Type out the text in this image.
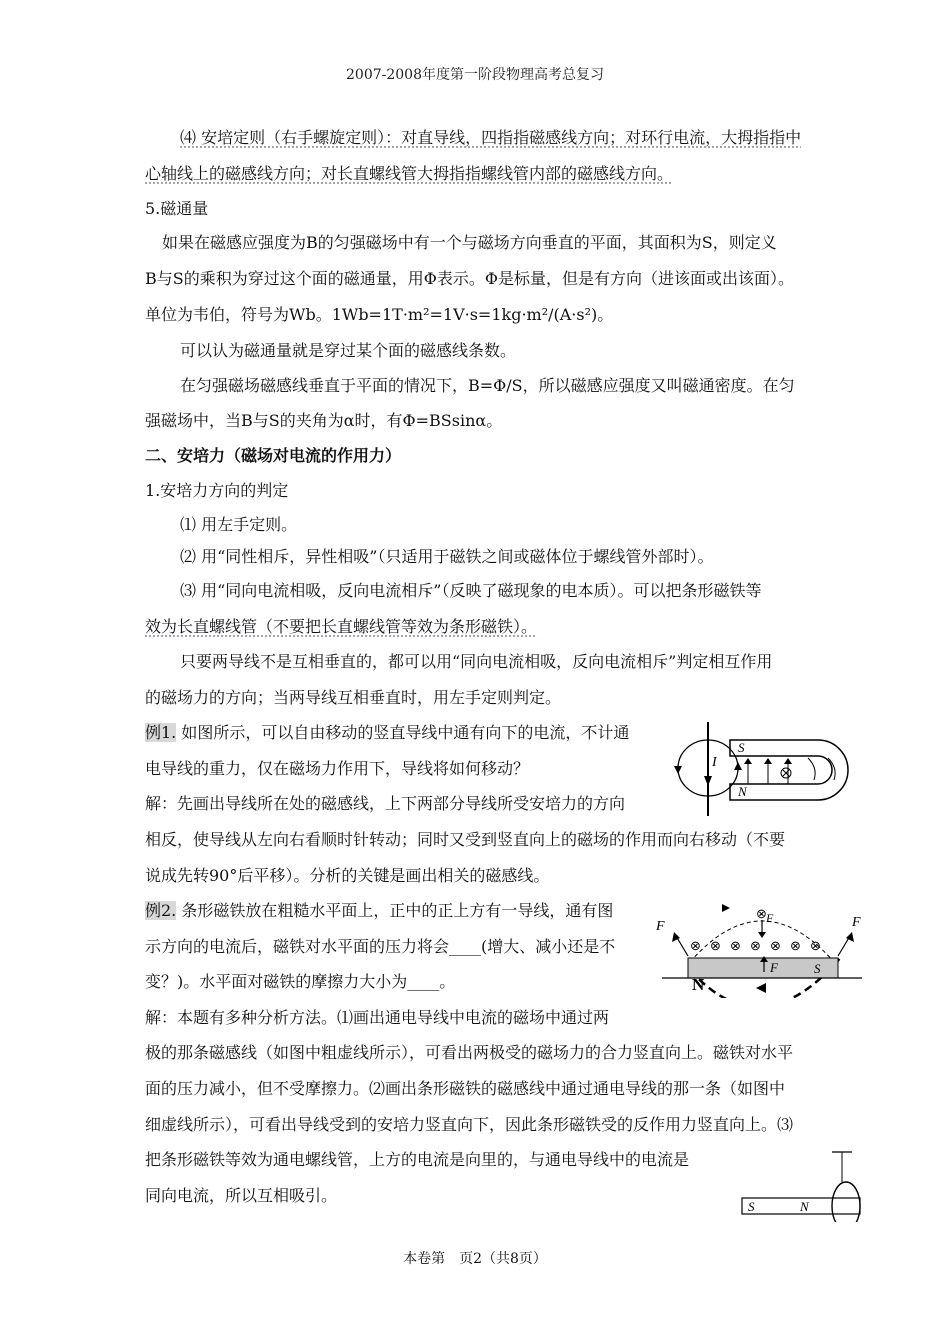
2007-2008年度第一阶段物理高考总复习
⑷ 安培定则（右手螺旋定则）：对直导线，四指指磁感线方向；对环行电流，大拇指指中
心轴线上的磁感线方向；对长直螺线管大拇指指螺线管内部的磁感线方向。
5.磁通量
如果在磁感应强度为B的匀强磁场中有一个与磁场方向垂直的平面，其面积为S，则定义
B与S的乘积为穿过这个面的磁通量，用Φ表示。Φ是标量，但是有方向（进该面或出该面）。
单位为韦伯，符号为Wb。1Wb=1T·m²=1V·s=1kg·m²/(A·s²)。
可以认为磁通量就是穿过某个面的磁感线条数。
在匀强磁场磁感线垂直于平面的情况下，B=Φ/S，所以磁感应强度又叫磁通密度。在匀
强磁场中，当B与S的夹角为α时，有Φ=BSsinα。
二、安培力（磁场对电流的作用力）
1.安培力方向的判定
⑴ 用左手定则。
⑵ 用“同性相斥，异性相吸”（只适用于磁铁之间或磁体位于螺线管外部时）。
⑶ 用“同向电流相吸，反向电流相斥”（反映了磁现象的电本质）。可以把条形磁铁等
效为长直螺线管（不要把长直螺线管等效为条形磁铁）。
只要两导线不是互相垂直的，都可以用“同向电流相吸，反向电流相斥”判定相互作用
的磁场力的方向；当两导线互相垂直时，用左手定则判定。
例1. 如图所示，可以自由移动的竖直导线中通有向下的电流，不计通
电导线的重力，仅在磁场力作用下，导线将如何移动？
解：先画出导线所在处的磁感线，上下两部分导线所受安培力的方向
相反，使导线从左向右看顺时针转动；同时又受到竖直向上的磁场的作用而向右移动（不要
说成先转90°后平移）。分析的关键是画出相关的磁感线。
例2. 条形磁铁放在粗糙水平面上，正中的正上方有一导线，通有图
示方向的电流后，磁铁对水平面的压力将会____(增大、减小还是不
变？)。水平面对磁铁的摩擦力大小为____。
解：本题有多种分析方法。⑴画出通电导线中电流的磁场中通过两
极的那条磁感线（如图中粗虚线所示），可看出两极受的磁场力的合力竖直向上。磁铁对水平
面的压力减小，但不受摩擦力。⑵画出条形磁铁的磁感线中通过通电导线的那一条（如图中
细虚线所示），可看出导线受到的安培力竖直向下，因此条形磁铁受的反作用力竖直向上。⑶
把条形磁铁等效为通电螺线管，上方的电流是向里的，与通电导线中的电流是
同向电流，所以互相吸引。
S
N
I
⊗ ⊗ ⊗ ⊗ ⊗ ⊗ ⊗
⊗
F	F
F
F
N
S
S	N
本卷第　页2（共8页）
